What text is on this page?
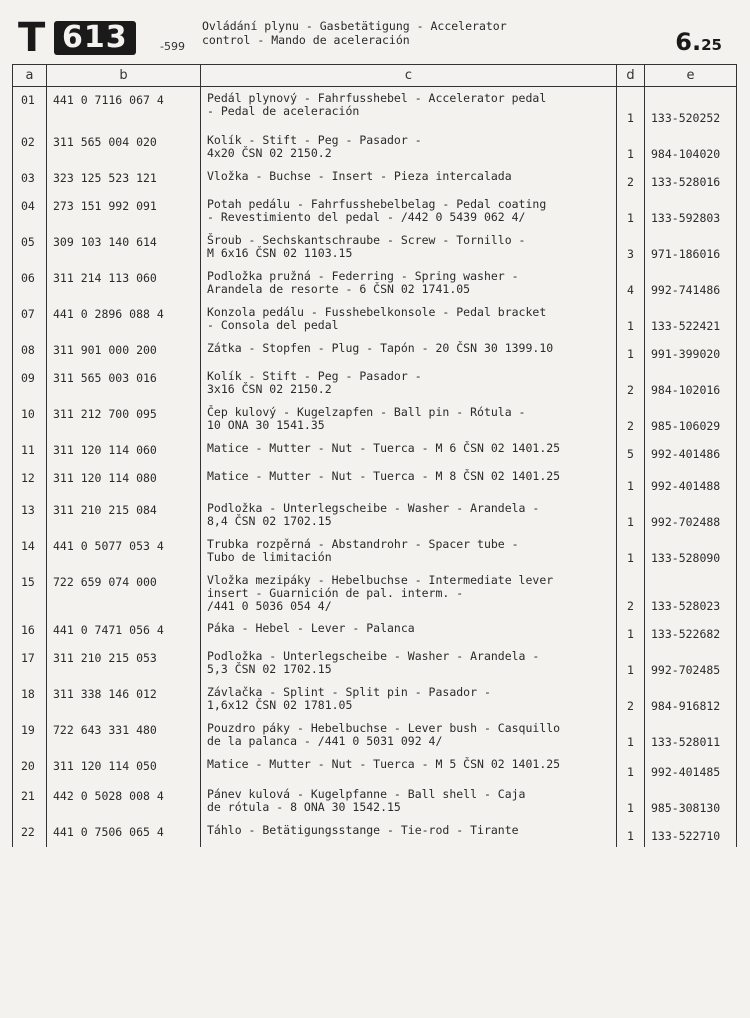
T 613	-599
Ovládání plynu - Gasbetätigung - Accelerator
control - Mando de aceleración	6.25
a	b	c	d	e
01	441 0 7116 067 4	Pedál plynový - Fahrfusshebel - Accelerator pedal
- Pedal de aceleración	1	133-520252
02	311 565 004 020	Kolík - Stift - Peg - Pasador -
4x20 ČSN 02 2150.2	1	984-104020
03	323 125 523 121	Vložka - Buchse - Insert - Pieza intercalada	2	133-528016
04	273 151 992 091	Potah pedálu - Fahrfusshebelbelag - Pedal coating
- Revestimiento del pedal - /442 0 5439 062 4/	1	133-592803
05	309 103 140 614	Šroub - Sechskantschraube - Screw - Tornillo -
M 6x16 ČSN 02 1103.15	3	971-186016
06	311 214 113 060	Podložka pružná - Federring - Spring washer -
Arandela de resorte - 6 ČSN 02 1741.05	4	992-741486
07	441 0 2896 088 4	Konzola pedálu - Fusshebelkonsole - Pedal bracket
- Consola del pedal	1	133-522421
08	311 901 000 200	Zátka - Stopfen - Plug - Tapón - 20 ČSN 30 1399.10	1	991-399020
09	311 565 003 016	Kolík - Stift - Peg - Pasador -
3x16 ČSN 02 2150.2	2	984-102016
10	311 212 700 095	Čep kulový - Kugelzapfen - Ball pin - Rótula -
10 ONA 30 1541.35	2	985-106029
11	311 120 114 060	Matice - Mutter - Nut - Tuerca - M 6 ČSN 02 1401.25	5	992-401486
12	311 120 114 080	Matice - Mutter - Nut - Tuerca - M 8 ČSN 02 1401.25	1	992-401488
13	311 210 215 084	Podložka - Unterlegscheibe - Washer - Arandela -
8,4 ČSN 02 1702.15	1	992-702488
14	441 0 5077 053 4	Trubka rozpěrná - Abstandrohr - Spacer tube -
Tubo de limitación	1	133-528090
15	722 659 074 000	Vložka mezipáky - Hebelbuchse - Intermediate lever
insert - Guarnición de pal. interm. -
/441 0 5036 054 4/	2	133-528023
16	441 0 7471 056 4	Páka - Hebel - Lever - Palanca	1	133-522682
17	311 210 215 053	Podložka - Unterlegscheibe - Washer - Arandela -
5,3 ČSN 02 1702.15	1	992-702485
18	311 338 146 012	Závlačka - Splint - Split pin - Pasador -
1,6x12 ČSN 02 1781.05	2	984-916812
19	722 643 331 480	Pouzdro páky - Hebelbuchse - Lever bush - Casquillo
de la palanca - /441 0 5031 092 4/	1	133-528011
20	311 120 114 050	Matice - Mutter - Nut - Tuerca - M 5 ČSN 02 1401.25	1	992-401485
21	442 0 5028 008 4	Pánev kulová - Kugelpfanne - Ball shell - Caja
de rótula - 8 ONA 30 1542.15	1	985-308130
22	441 0 7506 065 4	Táhlo - Betätigungsstange - Tie-rod - Tirante	1	133-522710
